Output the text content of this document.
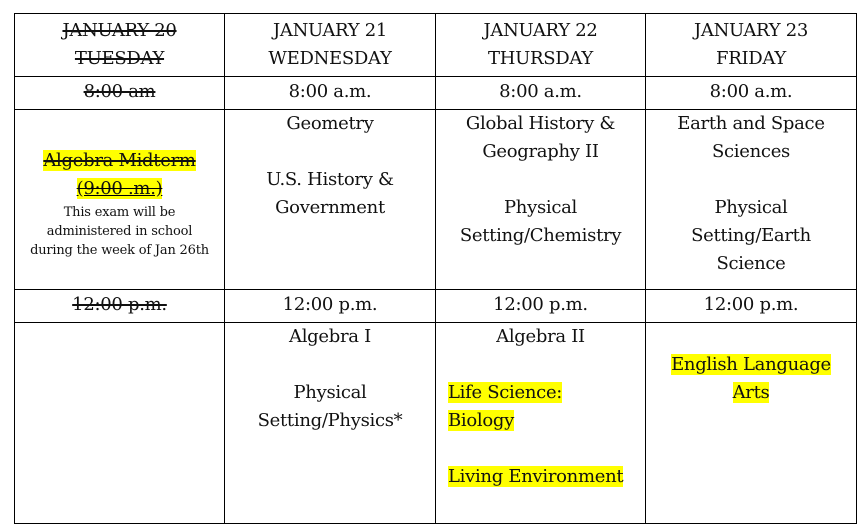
JANUARY 20
TUESDAY	JANUARY 21
WEDNESDAY	JANUARY 22
THURSDAY	JANUARY 23
FRIDAY

8:00 am	8:00 a.m.	8:00 a.m.	8:00 a.m.

Algebra Midterm
(9:00 .m.)
This exam will be
administered in school
during the week of Jan 26th	Geometry
U.S. History &
Government	Global History &
Geography II
Physical
Setting/Chemistry	Earth and Space
Sciences
Physical
Setting/Earth
Science

12:00 p.m.	12:00 p.m.	12:00 p.m.	12:00 p.m.

	Algebra I
Physical
Setting/Physics*	Algebra II
Life Science:
Biology
Living Environment	English Language
Arts
